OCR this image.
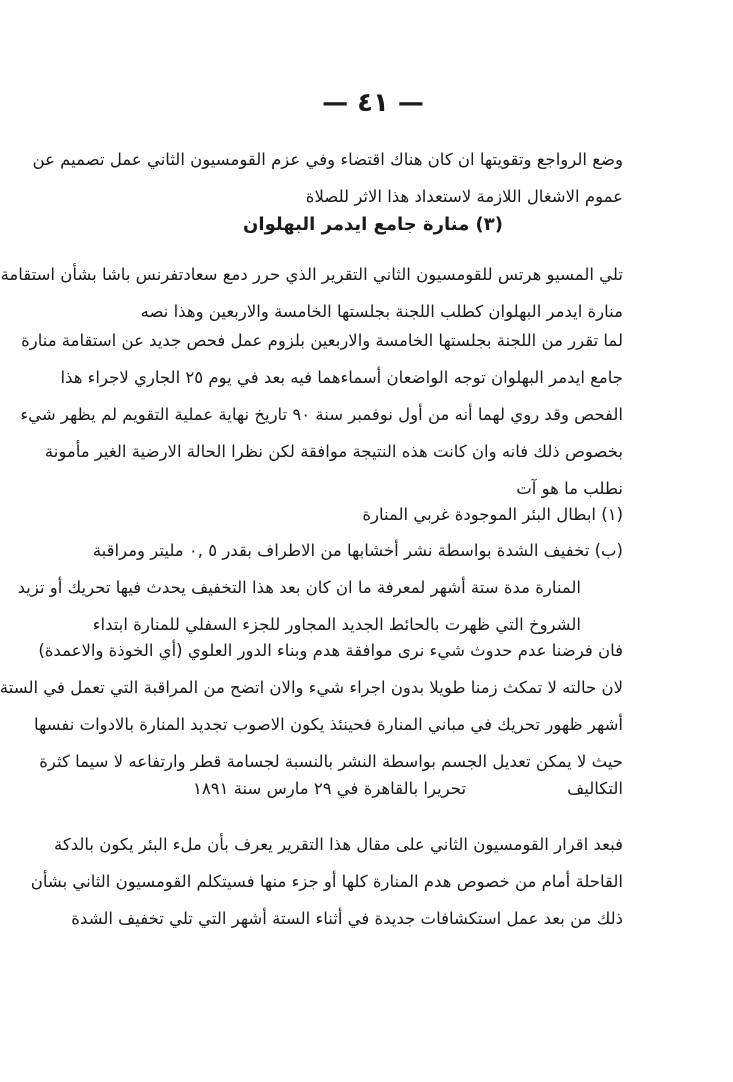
— ٤١ —
وضع الرواجع وتقويتها ان كان هناك اقتضاء وفي عزم القومسيون الثاني عمل تصميم عن
عموم الاشغال اللازمة لاستعداد هذا الاثر للصلاة
(٣) منارة جامع ايدمر البهلوان
تلي المسيو هرتس للقومسيون الثاني التقرير الذي حرر دمع سعادتفرنس باشا بشأن استقامة
منارة ايدمر البهلوان كطلب اللجنة بجلستها الخامسة والاربعين وهذا نصه
لما تقرر من اللجنة بجلستها الخامسة والاربعين بلزوم عمل فحص جديد عن استقامة منارة
جامع ايدمر البهلوان توجه الواضعان أسماءهما فيه بعد في يوم ٢٥ الجاري لاجراء هذا
الفحص وقد روي لهما أنه من أول نوفمبر سنة ٩٠ تاريخ نهاية عملية التقويم لم يظهر شيء
بخصوص ذلك فانه وان كانت هذه النتيجة موافقة لكن نظرا الحالة الارضية الغير مأمونة
نطلب ما هو آت
(١) ابطال البئر الموجودة غربي المنارة
(ب) تخفيف الشدة بواسطة نشر أخشابها من الاطراف بقدر ٥ ,٠ مليتر ومراقبة
المنارة مدة ستة أشهر لمعرفة ما ان كان بعد هذا التخفيف يحدث فيها تحريك أو تزيد
الشروخ التي ظهرت بالحائط الجديد المجاور للجزء السفلي للمنارة ابتداء
فان فرضنا عدم حدوث شيء نرى موافقة هدم وبناء الدور العلوي (أي الخوذة والاعمدة)
لان حالته لا تمكث زمنا طويلا بدون اجراء شيء والان اتضح من المراقبة التي تعمل في الستة
أشهر ظهور تحريك في مباني المنارة فحينئذ يكون الاصوب تجديد المنارة بالادوات نفسها
حيث لا يمكن تعديل الجسم بواسطة النشر بالنسبة لجسامة قطر وارتفاعه لا سيما كثرة
التكاليف
تحريرا بالقاهرة في ٢٩ مارس سنة ١٨٩١
فبعد اقرار القومسيون الثاني على مقال هذا التقرير يعرف بأن ملء البئر يكون بالدكة
القاحلة أمام من خصوص هدم المنارة كلها أو جزء منها فسيتكلم القومسيون الثاني بشأن
ذلك من بعد عمل استكشافات جديدة في أثناء الستة أشهر التي تلي تخفيف الشدة
